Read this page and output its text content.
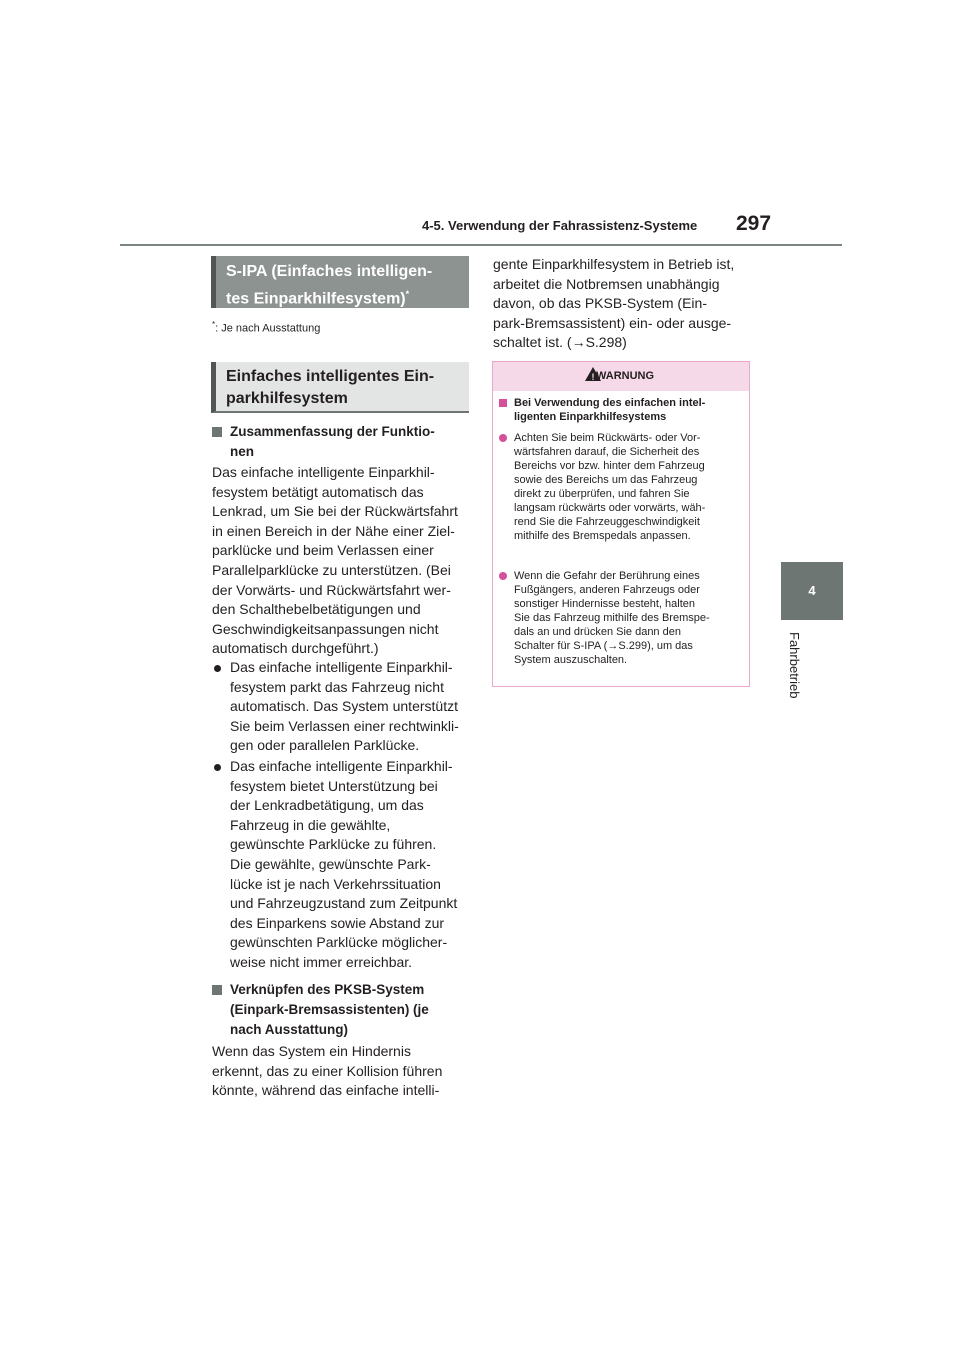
4-5. Verwendung der Fahrassistenz-Systeme 297
4
Fahrbetrieb
S-IPA (Einfaches intelligen-
tes Einparkhilfesystem)*
*: Je nach Ausstattung
Einfaches intelligentes Ein-
parkhilfesystem
Zusammenfassung der Funktio-
nen
Das einfache intelligente Einparkhil-
fesystem betätigt automatisch das
Lenkrad, um Sie bei der Rückwärtsfahrt
in einen Bereich in der Nähe einer Ziel-
parklücke und beim Verlassen einer
Parallelparklücke zu unterstützen. (Bei
der Vorwärts- und Rückwärtsfahrt wer-
den Schalthebelbetätigungen und
Geschwindigkeitsanpassungen nicht
automatisch durchgeführt.)
Das einfache intelligente Einparkhil-
fesystem parkt das Fahrzeug nicht
automatisch. Das System unterstützt
Sie beim Verlassen einer rechtwinkli-
gen oder parallelen Parklücke.
Das einfache intelligente Einparkhil-
fesystem bietet Unterstützung bei
der Lenkradbetätigung, um das
Fahrzeug in die gewählte,
gewünschte Parklücke zu führen.
Die gewählte, gewünschte Park-
lücke ist je nach Verkehrssituation
und Fahrzeugzustand zum Zeitpunkt
des Einparkens sowie Abstand zur
gewünschten Parklücke möglicher-
weise nicht immer erreichbar.
Verknüpfen des PKSB-System
(Einpark-Bremsassistenten) (je
nach Ausstattung)
Wenn das System ein Hindernis
erkennt, das zu einer Kollision führen
könnte, während das einfache intelli-
gente Einparkhilfesystem in Betrieb ist,
arbeitet die Notbremsen unabhängig
davon, ob das PKSB-System (Ein-
park-Bremsassistent) ein- oder ausge-
schaltet ist. (→S.298)
! WARNUNG
Bei Verwendung des einfachen intel-
ligenten Einparkhilfesystems
Achten Sie beim Rückwärts- oder Vor-
wärtsfahren darauf, die Sicherheit des
Bereichs vor bzw. hinter dem Fahrzeug
sowie des Bereichs um das Fahrzeug
direkt zu überprüfen, und fahren Sie
langsam rückwärts oder vorwärts, wäh-
rend Sie die Fahrzeuggeschwindigkeit
mithilfe des Bremspedals anpassen.
Wenn die Gefahr der Berührung eines
Fußgängers, anderen Fahrzeugs oder
sonstiger Hindernisse besteht, halten
Sie das Fahrzeug mithilfe des Bremspe-
dals an und drücken Sie dann den
Schalter für S-IPA (→S.299), um das
System auszuschalten.
